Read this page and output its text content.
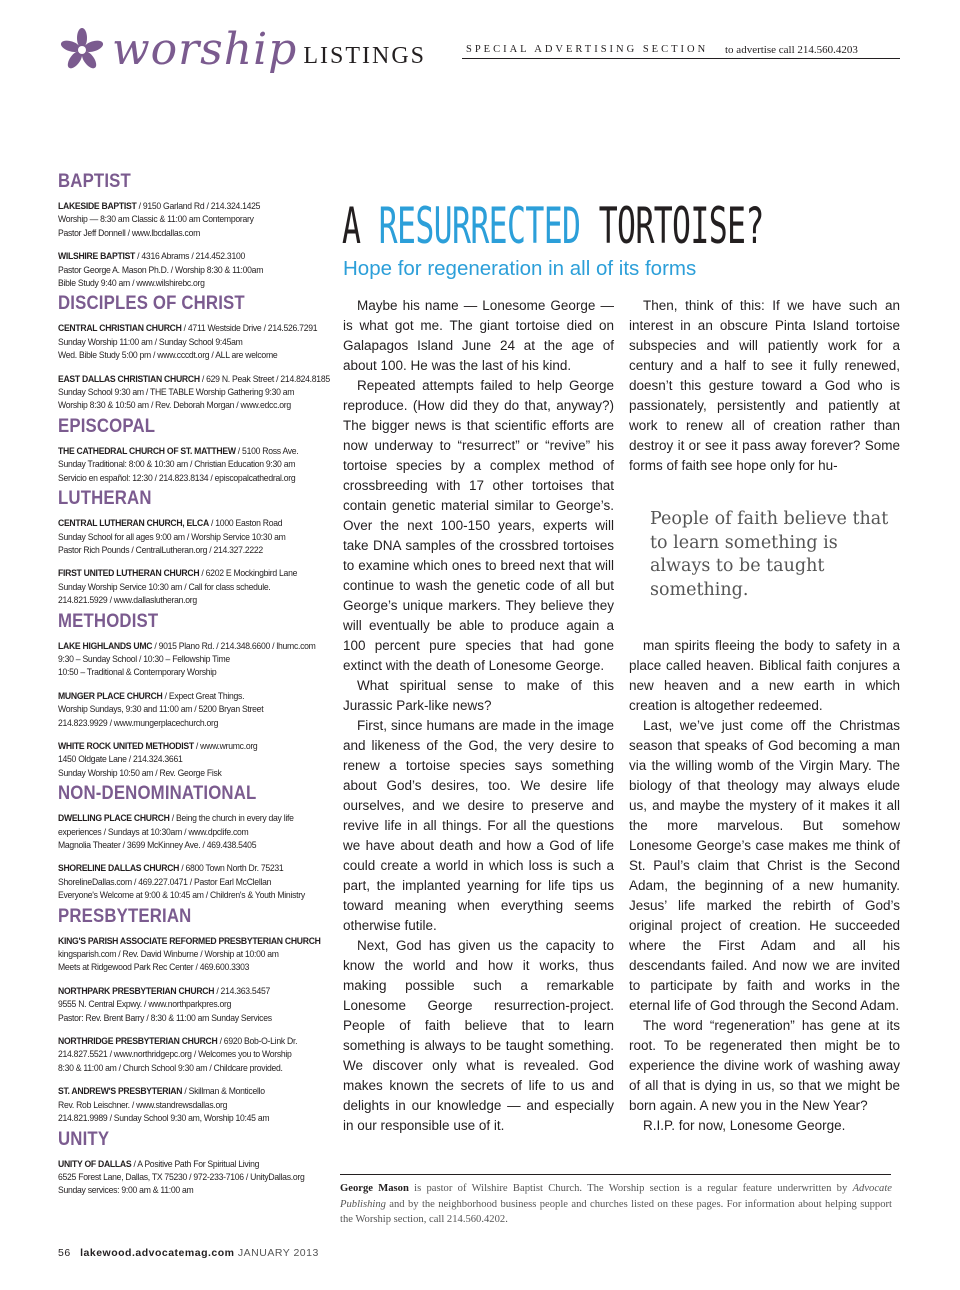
worship LISTINGS	SPECIAL ADVERTISING SECTION to advertise call 214.560.4203
BAPTIST
LAKESIDE BAPTIST / 9150 Garland Rd / 214.324.1425
Worship — 8:30 am Classic & 11:00 am Contemporary
Pastor Jeff Donnell / www.lbcdallas.com
WILSHIRE BAPTIST / 4316 Abrams / 214.452.3100
Pastor George A. Mason Ph.D. / Worship 8:30 & 11:00am
Bible Study 9:40 am / www.wilshirebc.org
DISCIPLES OF CHRIST
CENTRAL CHRISTIAN CHURCH / 4711 Westside Drive / 214.526.7291
Sunday Worship 11:00 am / Sunday School 9:45am
Wed. Bible Study 5:00 pm / www.cccdt.org / ALL are welcome
EAST DALLAS CHRISTIAN CHURCH / 629 N. Peak Street / 214.824.8185
Sunday School 9:30 am / THE TABLE Worship Gathering 9:30 am
Worship 8:30 & 10:50 am / Rev. Deborah Morgan / www.edcc.org
EPISCOPAL
THE CATHEDRAL CHURCH OF ST. MATTHEW / 5100 Ross Ave.
Sunday Traditional: 8:00 & 10:30 am / Christian Education 9:30 am
Servicio en español: 12:30 / 214.823.8134 / episcopalcathedral.org
LUTHERAN
CENTRAL LUTHERAN CHURCH, ELCA / 1000 Easton Road
Sunday School for all ages 9:00 am / Worship Service 10:30 am
Pastor Rich Pounds / CentralLutheran.org / 214.327.2222
FIRST UNITED LUTHERAN CHURCH / 6202 E Mockingbird Lane
Sunday Worship Service 10:30 am / Call for class schedule.
214.821.5929 / www.dallaslutheran.org
METHODIST
LAKE HIGHLANDS UMC / 9015 Plano Rd. / 214.348.6600 / lhumc.com
9:30 – Sunday School / 10:30 – Fellowship Time
10:50 – Traditional & Contemporary Worship
MUNGER PLACE CHURCH / Expect Great Things.
Worship Sundays, 9:30 and 11:00 am / 5200 Bryan Street
214.823.9929 / www.mungerplacechurch.org
WHITE ROCK UNITED METHODIST / www.wrumc.org
1450 Oldgate Lane / 214.324.3661
Sunday Worship 10:50 am / Rev. George Fisk
NON-DENOMINATIONAL
DWELLING PLACE CHURCH / Being the church in every day life
experiences / Sundays at 10:30am / www.dpclife.com
Magnolia Theater / 3699 McKinney Ave. / 469.438.5405
SHORELINE DALLAS CHURCH / 6800 Town North Dr. 75231
ShorelineDallas.com / 469.227.0471 / Pastor Earl McClellan
Everyone's Welcome at 9:00 & 10:45 am / Children's & Youth Ministry
PRESBYTERIAN
KING'S PARISH ASSOCIATE REFORMED PRESBYTERIAN CHURCH
kingsparish.com / Rev. David Winburne / Worship at 10:00 am
Meets at Ridgewood Park Rec Center / 469.600.3303
NORTHPARK PRESBYTERIAN CHURCH / 214.363.5457
9555 N. Central Expwy. / www.northparkpres.org
Pastor: Rev. Brent Barry / 8:30 & 11:00 am Sunday Services
NORTHRIDGE PRESBYTERIAN CHURCH / 6920 Bob-O-Link Dr.
214.827.5521 / www.northridgepc.org / Welcomes you to Worship
8:30 & 11:00 am / Church School 9:30 am / Childcare provided.
ST. ANDREW'S PRESBYTERIAN / Skillman & Monticello
Rev. Rob Leischner. / www.standrewsdallas.org
214.821.9989 / Sunday School 9:30 am, Worship 10:45 am
UNITY
UNITY OF DALLAS / A Positive Path For Spiritual Living
6525 Forest Lane, Dallas, TX 75230 / 972-233-7106 / UnityDallas.org
Sunday services: 9:00 am & 11:00 am
56 lakewood.advocatemag.com JANUARY 2013
A RESURRECTED TORTOISE?
Hope for regeneration in all of its forms

Maybe his name — Lonesome George — is what got me. The giant tortoise died on Galapagos Island June 24 at the age of about 100. He was the last of his kind.

Repeated attempts failed to help George reproduce. (How did they do that, anyway?) The bigger news is that scientific efforts are now underway to “resurrect” or “revive” his tortoise species by a complex method of crossbreeding with 17 other tortoises that contain genetic material similar to George’s. Over the next 100-150 years, experts will take DNA samples of the crossbred tortoises to examine which ones to breed next that will continue to wash the genetic code of all but George’s unique markers. They believe they will eventually be able to produce again a 100 percent pure species that had gone extinct with the death of Lonesome George.

What spiritual sense to make of this Jurassic Park-like news?

First, since humans are made in the image and likeness of the God, the very desire to renew a tortoise species says something about God’s desires, too. We desire life ourselves, and we desire to preserve and revive life in all things. For all the questions we have about death and how a God of life could create a world in which loss is such a part, the implanted yearning for life tips us toward meaning when everything seems otherwise futile.

Next, God has given us the capacity to know the world and how it works, thus making possible such a remarkable Lonesome George resurrection-project. People of faith believe that to learn something is always to be taught something. We discover only what is revealed. God makes known the secrets of life to us and delights in our knowledge — and especially in our responsible use of it.

Then, think of this: If we have such an interest in an obscure Pinta Island tortoise subspecies and will patiently work for a century and a half to see it fully renewed, doesn’t this gesture toward a God who is passionately, persistently and patiently at work to renew all of creation rather than destroy it or see it pass away forever? Some forms of faith see hope only for hu-

People of faith believe that to learn something is always to be taught something.

man spirits fleeing the body to safety in a place called heaven. Biblical faith conjures a new heaven and a new earth in which creation is altogether redeemed.

Last, we’ve just come off the Christmas season that speaks of God becoming a man via the willing womb of the Virgin Mary. The biology of that theology may always elude us, and maybe the mystery of it makes it all the more marvelous. But somehow Lonesome George’s case makes me think of St. Paul’s claim that Christ is the Second Adam, the beginning of a new humanity. Jesus’ life marked the rebirth of God’s original project of creation. He succeeded where the First Adam and all his descendants failed. And now we are invited to participate by faith and works in the eternal life of God through the Second Adam.

The word “regeneration” has gene at its root. To be regenerated then might be to experience the divine work of washing away of all that is dying in us, so that we might be born again. A new you in the New Year?

R.I.P. for now, Lonesome George.

George Mason is pastor of Wilshire Baptist Church. The Worship section is a regular feature underwritten by Advocate Publishing and by the neighborhood business people and churches listed on these pages. For information about helping support the Worship section, call 214.560.4202.
